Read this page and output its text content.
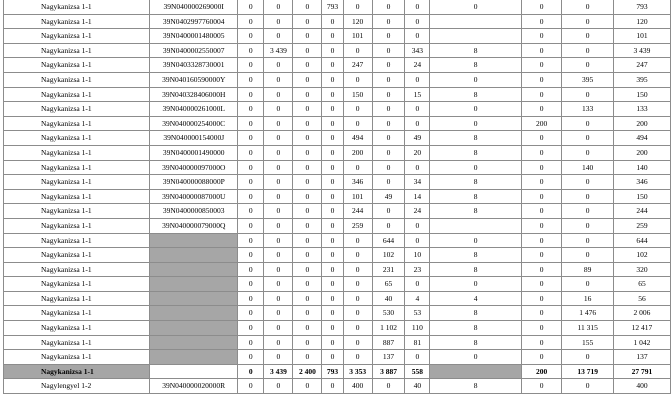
Nagykanizsa 1-1	39N040000269000I	0	0	0	793	0	0	0	0	0	0	793
Nagykanizsa 1-1	39N0402997760004	0	0	0	0	120	0	0		0	0	120
Nagykanizsa 1-1	39N0400001480005	0	0	0	0	101	0	0		0	0	101
Nagykanizsa 1-1	39N0400002550007	0	3 439	0	0	0	0	343	8	0	0	3 439
Nagykanizsa 1-1	39N0403328730001	0	0	0	0	247	0	24	8	0	0	247
Nagykanizsa 1-1	39N040160590000Y	0	0	0	0	0	0	0	0	0	395	395
Nagykanizsa 1-1	39N040328406000H	0	0	0	0	150	0	15	8	0	0	150
Nagykanizsa 1-1	39N040000261000L	0	0	0	0	0	0	0	0	0	133	133
Nagykanizsa 1-1	39N040000254000C	0	0	0	0	0	0	0	0	200	0	200
Nagykanizsa 1-1	39N040000154000J	0	0	0	0	494	0	49	8	0	0	494
Nagykanizsa 1-1	39N0400001490000	0	0	0	0	200	0	20	8	0	0	200
Nagykanizsa 1-1	39N040000097000O	0	0	0	0	0	0	0	0	0	140	140
Nagykanizsa 1-1	39N040000088000P	0	0	0	0	346	0	34	8	0	0	346
Nagykanizsa 1-1	39N040000087000U	0	0	0	0	101	49	14	8	0	0	150
Nagykanizsa 1-1	39N0400000850003	0	0	0	0	244	0	24	8	0	0	244
Nagykanizsa 1-1	39N040000079000Q	0	0	0	0	259	0	0		0	0	259
Nagykanizsa 1-1		0	0	0	0	0	644	0	0	0	0	644
Nagykanizsa 1-1		0	0	0	0	0	102	10	8	0	0	102
Nagykanizsa 1-1		0	0	0	0	0	231	23	8	0	89	320
Nagykanizsa 1-1		0	0	0	0	0	65	0	0	0	0	65
Nagykanizsa 1-1		0	0	0	0	0	40	4	4	0	16	56
Nagykanizsa 1-1		0	0	0	0	0	530	53	8	0	1 476	2 006
Nagykanizsa 1-1		0	0	0	0	0	1 102	110	8	0	11 315	12 417
Nagykanizsa 1-1		0	0	0	0	0	887	81	8	0	155	1 042
Nagykanizsa 1-1		0	0	0	0	0	137	0	0	0	0	137
Nagykanizsa 1-1		0	3 439	2 400	793	3 353	3 887	558		200	13 719	27 791
Nagylengyel 1-2	39N040000020000R	0	0	0	0	400	0	40	8	0	0	400
